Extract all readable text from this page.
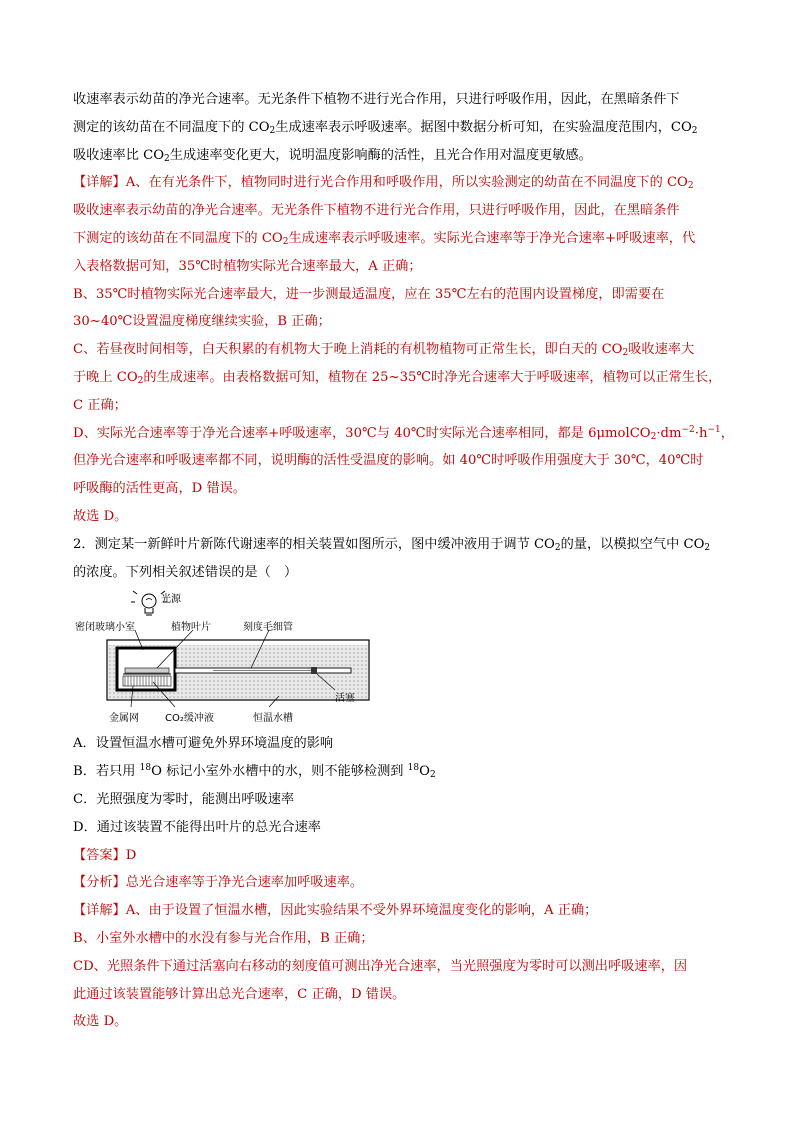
收速率表示幼苗的净光合速率。无光条件下植物不进行光合作用，只进行呼吸作用，因此，在黑暗条件下
测定的该幼苗在不同温度下的 $CO_2$生成速率表示呼吸速率。据图中数据分析可知，在实验温度范围内，$CO_2$
吸收速率比 $CO_2$生成速率变化更大，说明温度影响酶的活性，且光合作用对温度更敏感。
【详解】A、在有光条件下，植物同时进行光合作用和呼吸作用，所以实验测定的幼苗在不同温度下的 $CO_2$
吸收速率表示幼苗的净光合速率。无光条件下植物不进行光合作用，只进行呼吸作用，因此，在黑暗条件
下测定的该幼苗在不同温度下的 $CO_2$生成速率表示呼吸速率。实际光合速率等于净光合速率+呼吸速率，代
入表格数据可知，35℃时植物实际光合速率最大，A 正确；
B、35℃时植物实际光合速率最大，进一步测最适温度，应在 35℃左右的范围内设置梯度，即需要在
30~40℃设置温度梯度继续实验，B 正确；
C、若昼夜时间相等，白天积累的有机物大于晚上消耗的有机物植物可正常生长，即白天的 $CO_2$吸收速率大
于晚上 $CO_2$的生成速率。由表格数据可知，植物在 25~35℃时净光合速率大于呼吸速率，植物可以正常生长，
C 正确；
D、实际光合速率等于净光合速率+呼吸速率，30℃与 40℃时实际光合速率相同，都是 $6\mu molCO_2\cdot dm^{-2}\cdot h^{-1}$，
但净光合速率和呼吸速率都不同，说明酶的活性受温度的影响。如 40℃时呼吸作用强度大于 30℃，40℃时
呼吸酶的活性更高，D 错误。
故选 D。
2．测定某一新鲜叶片新陈代谢速率的相关装置如图所示，图中缓冲液用于调节 $CO_2$的量，以模拟空气中 $CO_2$
的浓度。下列相关叙述错误的是（　）
光源
密闭玻璃小室	植物叶片	刻度毛细管
活塞
金属网	CO₂缓冲液	恒温水槽
A．设置恒温水槽可避免外界环境温度的影响
B．若只用 $^{18}$O 标记小室外水槽中的水，则不能够检测到 $^{18}O_2$
C．光照强度为零时，能测出呼吸速率
D．通过该装置不能得出叶片的总光合速率
【答案】D
【分析】总光合速率等于净光合速率加呼吸速率。
【详解】A、由于设置了恒温水槽，因此实验结果不受外界环境温度变化的影响，A 正确；
B、小室外水槽中的水没有参与光合作用，B 正确；
CD、光照条件下通过活塞向右移动的刻度值可测出净光合速率，当光照强度为零时可以测出呼吸速率，因
此通过该装置能够计算出总光合速率，C 正确，D 错误。
故选 D。
